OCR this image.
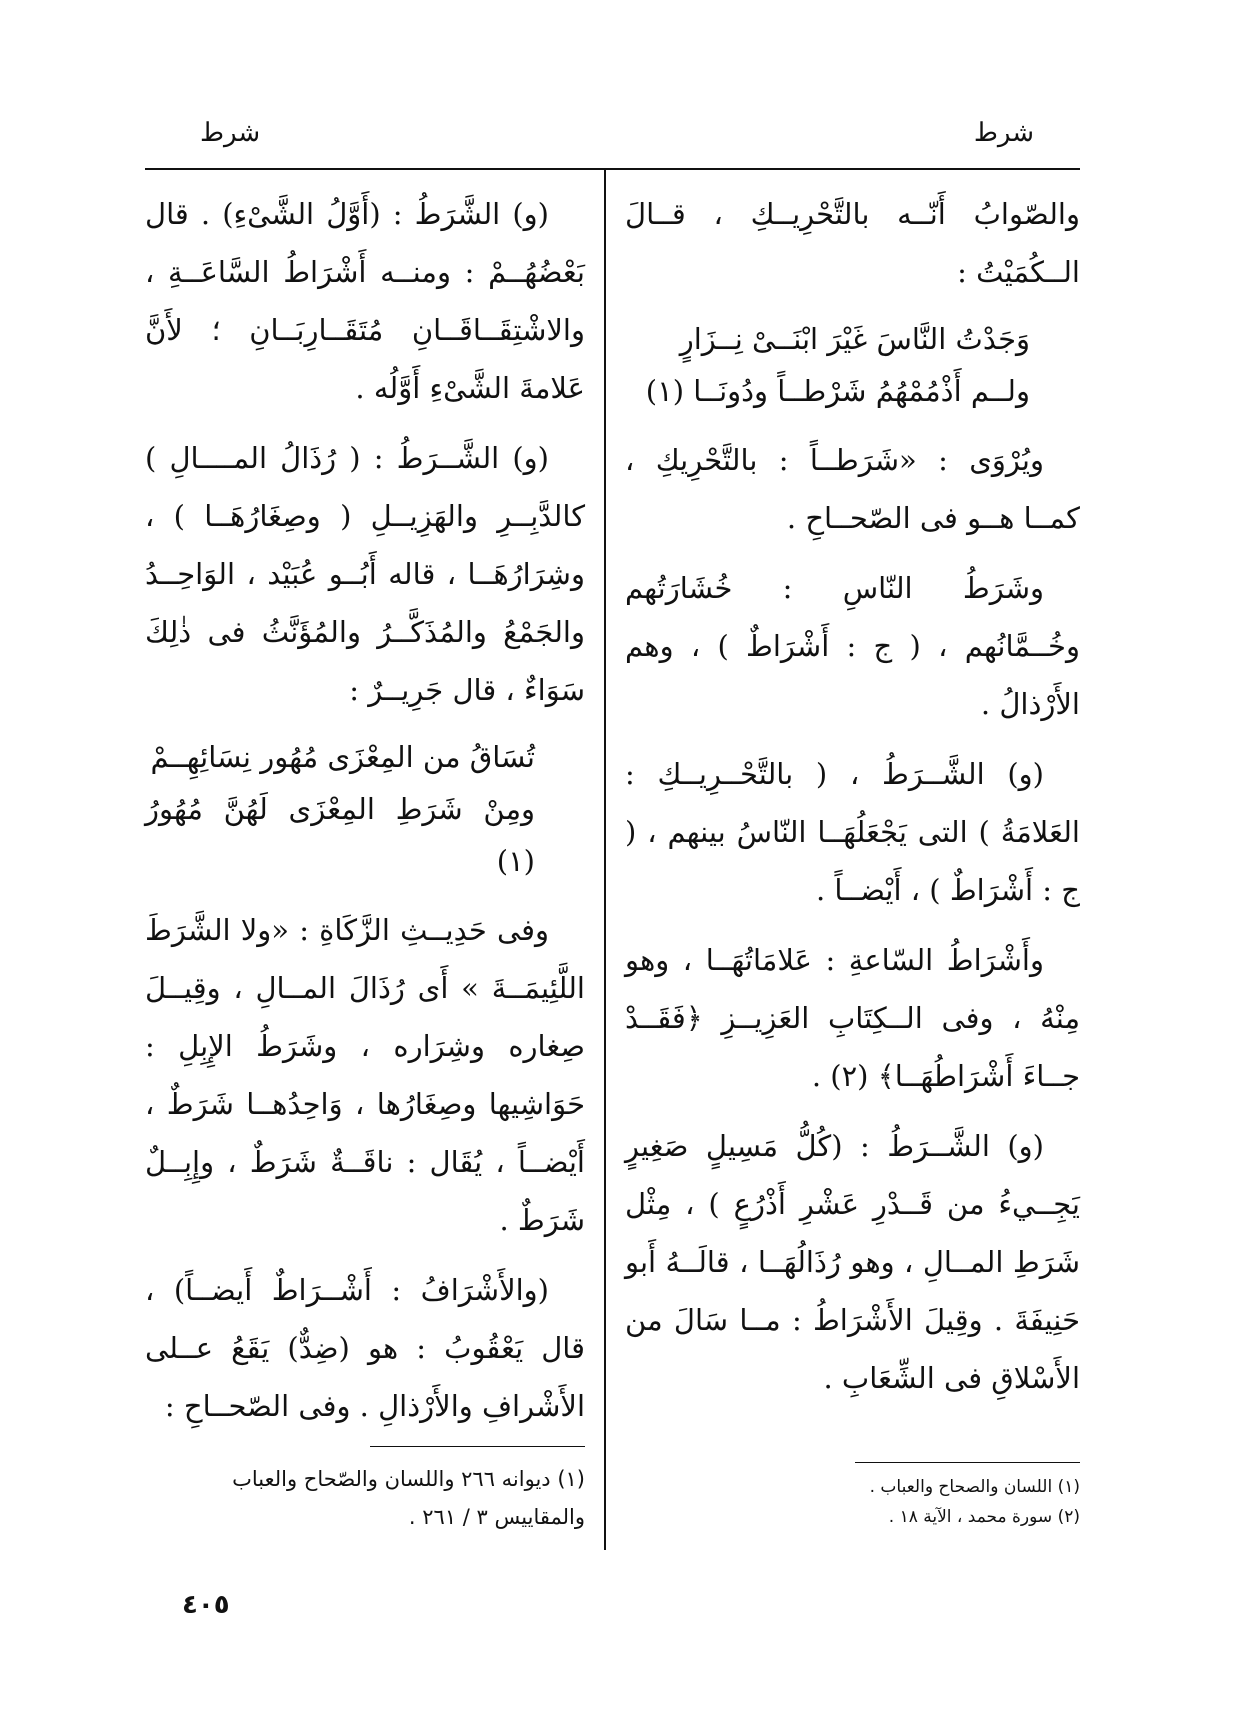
شرط
شرط

والصّوابُ أَنّــه بالتَّحْرِيــكِ ، قــالَ الــكُمَيْتُ :

وَجَدْتُ النَّاسَ غَيْرَ ابْنَــىْ نِــزَارٍ
ولــم أَذْمُمْهُمُ شَرْطــاً ودُونَــا (١)

ويُرْوَى : «شَرَطــاً : بالتَّحْرِيكِ ، كمــا هــو فى الصّحــاحِ .

وشَرَطُ النّاسِ : خُشَارَتُهم وخُــمَّانُهم ، ( ج : أَشْرَاطٌ ) ، وهم الأَرْذالُ .

(و) الشَّــرَطُ ، ( بالتَّحْــرِيــكِ : العَلامَةُ ) التى يَجْعَلُهَــا النّاسُ بينهم ، ( ج : أَشْرَاطٌ ) ، أَيْضــاً .

وأَشْرَاطُ السّاعةِ : عَلامَاتُهَــا ، وهو مِنْهُ ، وفى الــكِتَابِ العَزِيــزِ ﴿فَقَــدْ جــاءَ أَشْرَاطُهَــا﴾ (٢) .

(و) الشَّــرَطُ : (كُلُّ مَسِيلٍ صَغِيرٍ يَجِــيءُ من قَــدْرِ عَشْرِ أَذْرُعٍ ) ، مِثْل شَرَطِ المــالِ ، وهو رُذَالُهَــا ، قالَــهُ أَبو حَنِيفَةَ . وقِيلَ الأَشْرَاطُ : مــا سَالَ من الأَسْلاقِ فى الشِّعَابِ .

(و) الشَّرَطُ : (أَوَّلُ الشَّىْءِ) . قال بَعْضُهُــمْ : ومنــه أَشْرَاطُ السَّاعَــةِ ، والاشْتِقَــاقَــانِ مُتَقَــارِبَــانِ ؛ لأَنَّ عَلامةَ الشَّىْءِ أَوَّلُه .

(و) الشَّــرَطُ : ( رُذَالُ المــــالِ ) كالدَّبِــرِ والهَزِيــلِ ( وصِغَارُهَــا ) ، وشِرَارُهَــا ، قاله أَبُــو عُبَيْد ، الوَاحِــدُ والجَمْعُ والمُذَكَّــرُ والمُؤَنَّثُ فى ذٰلِكَ سَوَاءٌ ، قال جَرِيــرٌ :

تُسَاقُ من المِعْزَى مُهُور نِسَائِهِــمْ
ومِنْ شَرَطِ المِعْزَى لَهُنَّ مُهُورُ (١)

وفى حَدِيــثِ الزَّكَاةِ : «ولا الشَّرَطَ اللَّئِيمَــةَ » أَى رُذَالَ المــالِ ، وقِيــلَ صِغاره وشِرَاره ، وشَرَطُ الإِبِلِ : حَوَاشِيها وصِغَارُها ، وَاحِدُهــا شَرَطٌ ، أَيْضــاً ، يُقَال : ناقَــةٌ شَرَطٌ ، وإِبِــلٌ شَرَطٌ .

(والأَشْرَافُ : أَشْــرَاطٌ أَيضــاً) ، قال يَعْقُوبُ : هو (ضِدٌّ) يَقَعُ عــلى الأَشْرافِ والأَرْذالِ . وفى الصّحــاحِ :

(١) اللسان والصحاح والعباب .
(٢) سورة محمد ، الآية ١٨ .
(١) ديوانه ٢٦٦ واللسان والصّحاح والعباب والمقاييس ٣ / ٢٦١ .
٤٠٥
